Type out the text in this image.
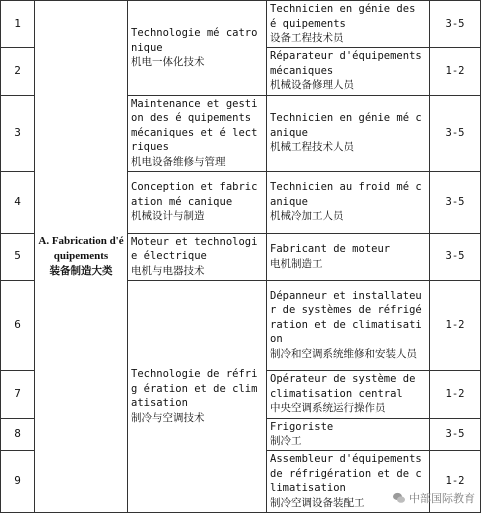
1	A. Fabrication d'é quipements
装备制造大类	Technologie mé catronique
机电一体化技术	Technicien en génie des é quipements
设备工程技术员	3-5
2			Réparateur d'équipements mécaniques
机械设备修理人员	1-2
3		Maintenance et gestion des é quipements mécaniques et é lectriques
机电设备维修与管理	Technicien en génie mé canique
机械工程技术人员	3-5
4		Conception et fabrication mé canique
机械设计与制造	Technicien au froid mé canique
机械冷加工人员	3-5
5		Moteur et technologie électrique
电机与电器技术	Fabricant de moteur
电机制造工	3-5
6		Technologie de réfrig ération et de climatisation
制冷与空调技术	Dépanneur et installateur de systèmes de réfrigé ration et de climatisation
制冷和空调系统维修和安装人员	1-2
7			Opérateur de système de climatisation central
中央空调系统运行操作员	1-2
8			Frigoriste
制冷工	3-5
9			Assembleur d'équipements de réfrigération et de climatisation
制冷空调设备装配工	1-2
中部国际教育
